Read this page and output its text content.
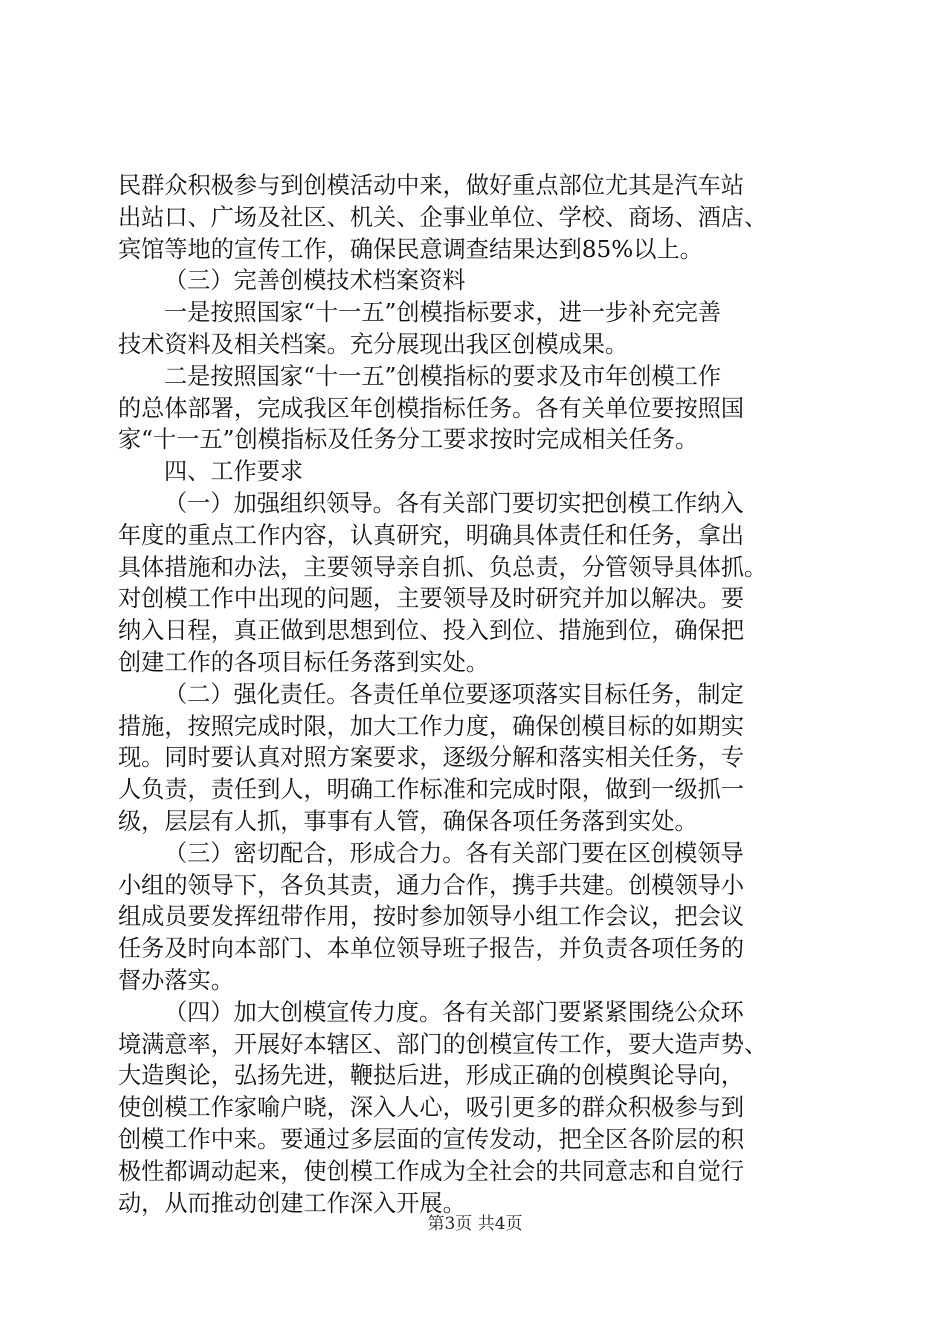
民群众积极参与到创模活动中来，做好重点部位尤其是汽车站
出站口、广场及社区、机关、企事业单位、学校、商场、酒店、
宾馆等地的宣传工作，确保民意调查结果达到85%以上。
（三）完善创模技术档案资料
一是按照国家“十一五”创模指标要求，进一步补充完善
技术资料及相关档案。充分展现出我区创模成果。
二是按照国家“十一五”创模指标的要求及市年创模工作
的总体部署，完成我区年创模指标任务。各有关单位要按照国
家“十一五”创模指标及任务分工要求按时完成相关任务。
四、工作要求
（一）加强组织领导。各有关部门要切实把创模工作纳入
年度的重点工作内容，认真研究，明确具体责任和任务，拿出
具体措施和办法，主要领导亲自抓、负总责，分管领导具体抓。
对创模工作中出现的问题，主要领导及时研究并加以解决。要
纳入日程，真正做到思想到位、投入到位、措施到位，确保把
创建工作的各项目标任务落到实处。
（二）强化责任。各责任单位要逐项落实目标任务，制定
措施，按照完成时限，加大工作力度，确保创模目标的如期实
现。同时要认真对照方案要求，逐级分解和落实相关任务，专
人负责，责任到人，明确工作标准和完成时限，做到一级抓一
级，层层有人抓，事事有人管，确保各项任务落到实处。
（三）密切配合，形成合力。各有关部门要在区创模领导
小组的领导下，各负其责，通力合作，携手共建。创模领导小
组成员要发挥纽带作用，按时参加领导小组工作会议，把会议
任务及时向本部门、本单位领导班子报告，并负责各项任务的
督办落实。
（四）加大创模宣传力度。各有关部门要紧紧围绕公众环
境满意率，开展好本辖区、部门的创模宣传工作，要大造声势、
大造舆论，弘扬先进，鞭挞后进，形成正确的创模舆论导向，
使创模工作家喻户晓，深入人心，吸引更多的群众积极参与到
创模工作中来。要通过多层面的宣传发动，把全区各阶层的积
极性都调动起来，使创模工作成为全社会的共同意志和自觉行
动，从而推动创建工作深入开展。
第3页 共4页
